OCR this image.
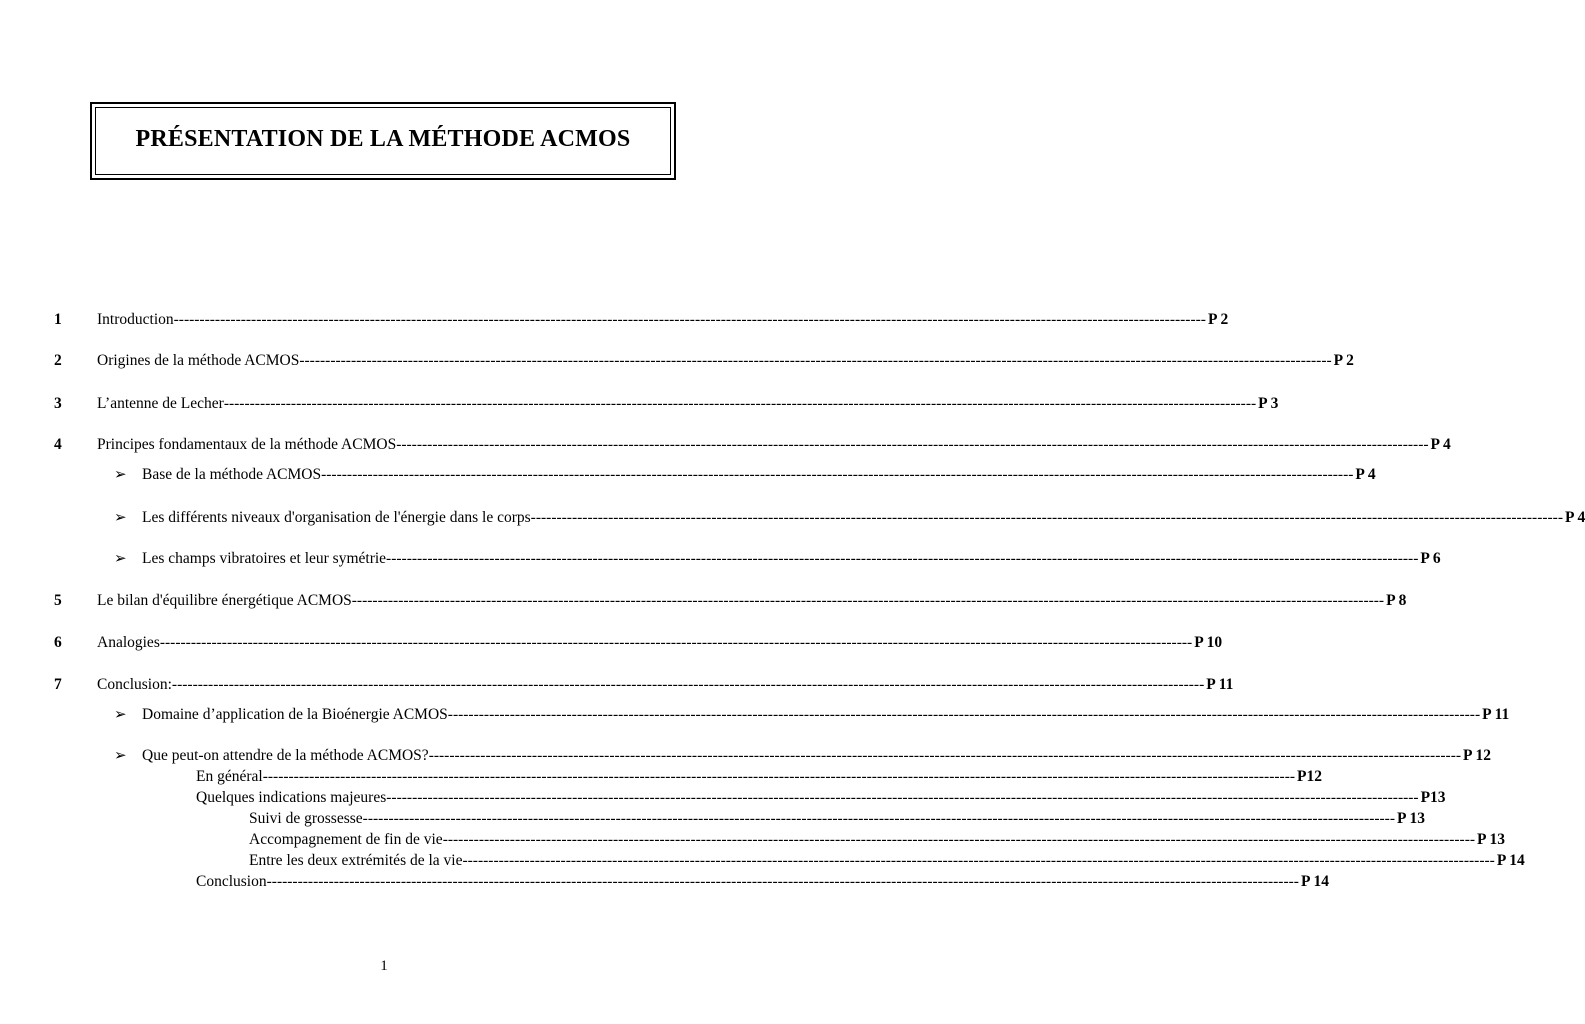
PRÉSENTATION DE LA MÉTHODE ACMOS
1 Introduction -------------------------------------------------------------------------------------------------------------------------------------------------------------------------------------------------------- P 2
2 Origines de la méthode ACMOS -------------------------------------------------------------------------------------------------------------------------------------------------------------------------------------------------------- P 2
3 L’antenne de Lecher -------------------------------------------------------------------------------------------------------------------------------------------------------------------------------------------------------- P 3
4 Principes fondamentaux de la méthode ACMOS -------------------------------------------------------------------------------------------------------------------------------------------------------------------------------------------------------- P 4
➢ Base de la méthode ACMOS -------------------------------------------------------------------------------------------------------------------------------------------------------------------------------------------------------- P 4
➢ Les différents niveaux d'organisation de l'énergie dans le corps -------------------------------------------------------------------------------------------------------------------------------------------------------------------------------------------------------- P 4
➢ Les champs vibratoires et leur symétrie -------------------------------------------------------------------------------------------------------------------------------------------------------------------------------------------------------- P 6
5 Le bilan d'équilibre énergétique ACMOS -------------------------------------------------------------------------------------------------------------------------------------------------------------------------------------------------------- P 8
6 Analogies -------------------------------------------------------------------------------------------------------------------------------------------------------------------------------------------------------- P 10
7 Conclusion: -------------------------------------------------------------------------------------------------------------------------------------------------------------------------------------------------------- P 11
➢ Domaine d’application de la Bioénergie ACMOS -------------------------------------------------------------------------------------------------------------------------------------------------------------------------------------------------------- P 11
➢ Que peut-on attendre de la méthode ACMOS? -------------------------------------------------------------------------------------------------------------------------------------------------------------------------------------------------------- P 12
En général -------------------------------------------------------------------------------------------------------------------------------------------------------------------------------------------------------- P12
Quelques indications majeures -------------------------------------------------------------------------------------------------------------------------------------------------------------------------------------------------------- P13
Suivi de grossesse -------------------------------------------------------------------------------------------------------------------------------------------------------------------------------------------------------- P 13
Accompagnement de fin de vie -------------------------------------------------------------------------------------------------------------------------------------------------------------------------------------------------------- P 13
Entre les deux extrémités de la vie -------------------------------------------------------------------------------------------------------------------------------------------------------------------------------------------------------- P 14
Conclusion -------------------------------------------------------------------------------------------------------------------------------------------------------------------------------------------------------- P 14
1
